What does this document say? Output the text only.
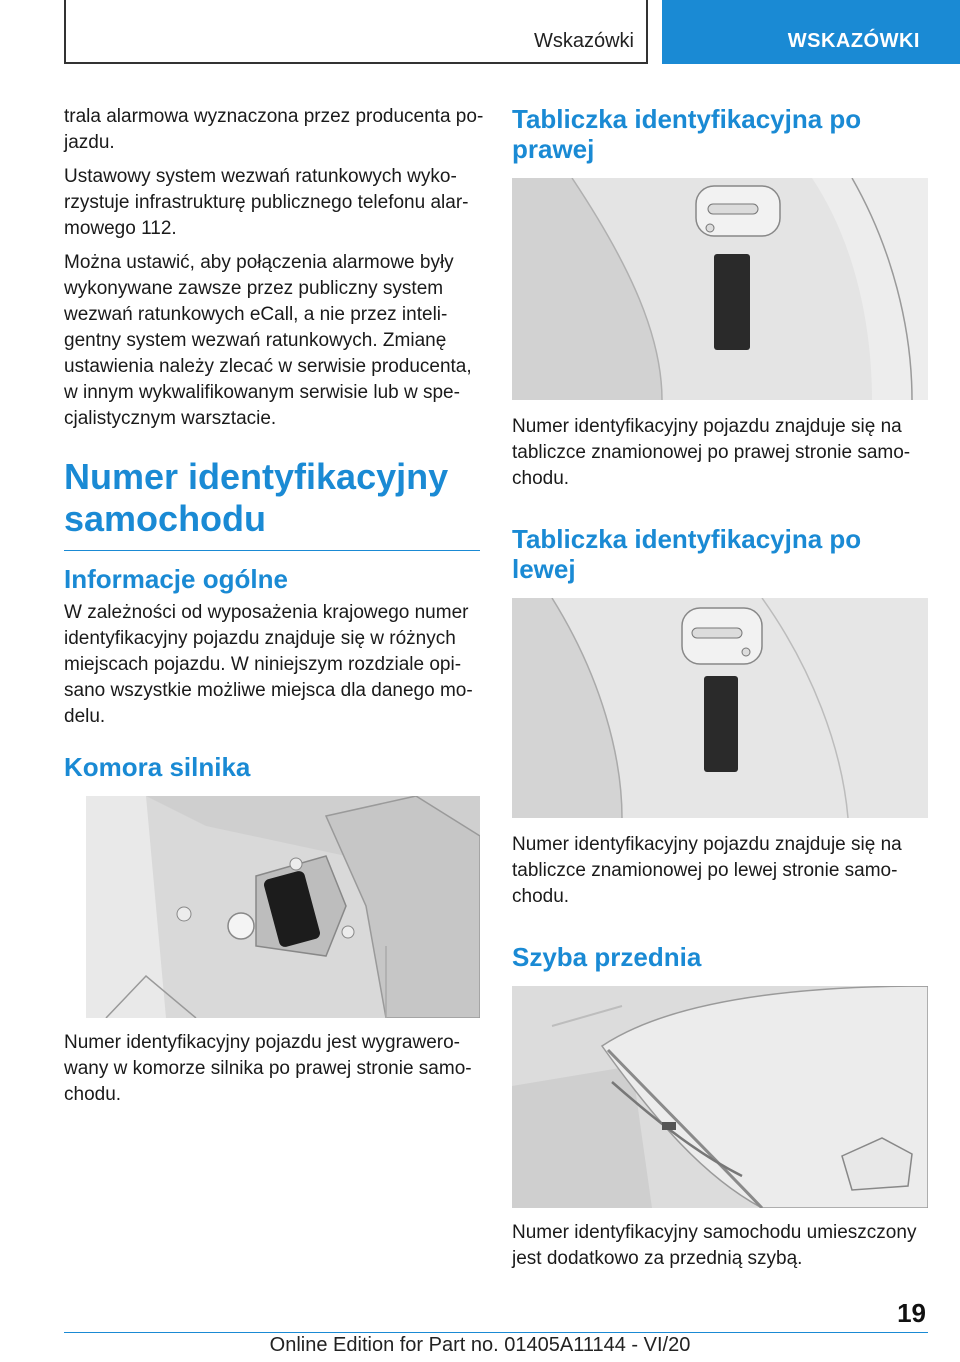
Wskazówki	WSKAZÓWKI

trala alarmowa wyznaczona przez producenta po-

jazdu.

Ustawowy system wezwań ratunkowych wyko-

rzystuje infrastrukturę publicznego telefonu alar-

mowego 112.

Można ustawić, aby połączenia alarmowe były

wykonywane zawsze przez publiczny system

wezwań ratunkowych eCall, a nie przez inteli-

gentny system wezwań ratunkowych. Zmianę

ustawienia należy zlecać w serwisie producenta,

w innym wykwalifikowanym serwisie lub w spe-

cjalistycznym warsztacie.

Numer identyfikacyjny
samochodu
Informacje ogólne

W zależności od wyposażenia krajowego numer

identyfikacyjny pojazdu znajduje się w różnych

miejscach pojazdu. W niniejszym rozdziale opi-

sano wszystkie możliwe miejsca dla danego mo-

delu.

Komora silnika

Numer identyfikacyjny pojazdu jest wygrawero-

wany w komorze silnika po prawej stronie samo-

chodu.

Tabliczka identyfikacyjna po
prawej

Numer identyfikacyjny pojazdu znajduje się na

tabliczce znamionowej po prawej stronie samo-

chodu.

Tabliczka identyfikacyjna po
lewej

Numer identyfikacyjny pojazdu znajduje się na

tabliczce znamionowej po lewej stronie samo-

chodu.

Szyba przednia

Numer identyfikacyjny samochodu umieszczony

jest dodatkowo za przednią szybą.

19
Online Edition for Part no. 01405A11144 - VI/20
